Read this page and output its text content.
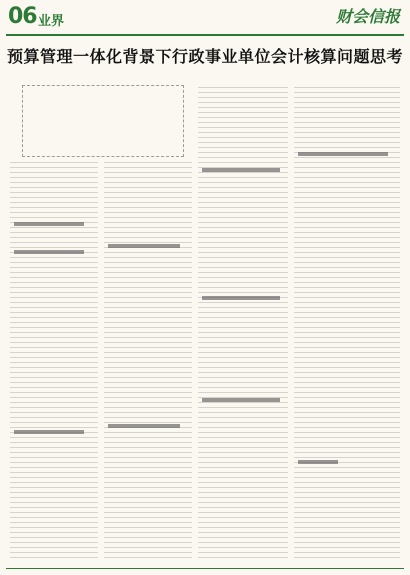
06 业界	财会信报
预算管理一体化背景下行政事业单位会计核算问题思考
